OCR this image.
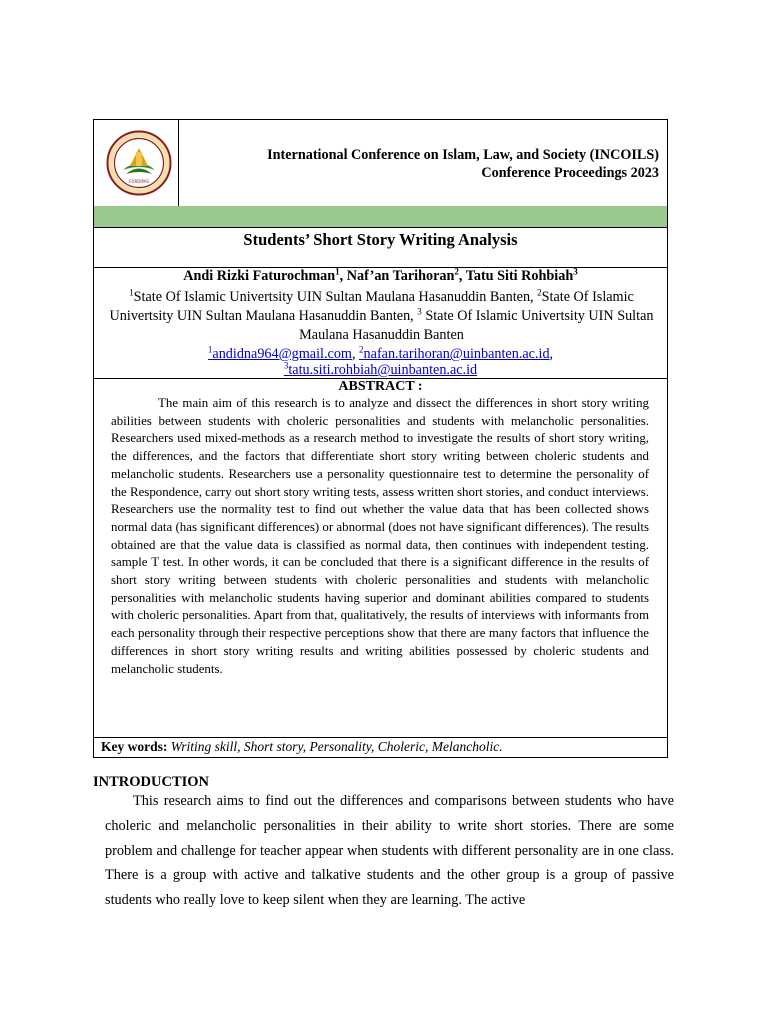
FORDIPAS
International Conference on Islam, Law, and Society (INCOILS)
Conference Proceedings 2023
Students’ Short Story Writing Analysis
Andi Rizki Faturochman$^1$, Naf’an Tarihoran$^2$, Tatu Siti Rohbiah$^3$
$^1$State Of Islamic Univertsity UIN Sultan Maulana Hasanuddin Banten, $^2$State Of Islamic Univertsity UIN Sultan Maulana Hasanuddin Banten, $^3$ State Of Islamic Univertsity UIN Sultan Maulana Hasanuddin Banten
$^1$andidna964@gmail.com, $^2$nafan.tarihoran@uinbanten.ac.id,
$^3$tatu.siti.rohbiah@uinbanten.ac.id
ABSTRACT :
The main aim of this research is to analyze and dissect the differences in short story writing abilities between students with choleric personalities and students with melancholic personalities. Researchers used mixed-methods as a research method to investigate the results of short story writing, the differences, and the factors that differentiate short story writing between choleric students and melancholic students. Researchers use a personality questionnaire test to determine the personality of the Respondence, carry out short story writing tests, assess written short stories, and conduct interviews. Researchers use the normality test to find out whether the value data that has been collected shows normal data (has significant differences) or abnormal (does not have significant differences). The results obtained are that the value data is classified as normal data, then continues with independent testing. sample T test. In other words, it can be concluded that there is a significant difference in the results of short story writing between students with choleric personalities and students with melancholic personalities with melancholic students having superior and dominant abilities compared to students with choleric personalities. Apart from that, qualitatively, the results of interviews with informants from each personality through their respective perceptions show that there are many factors that influence the differences in short story writing results and writing abilities possessed by choleric students and melancholic students.
Key words: Writing skill, Short story, Personality, Choleric, Melancholic.
INTRODUCTION
This research aims to find out the differences and comparisons between students who have choleric and melancholic personalities in their ability to write short stories. There are some problem and challenge for teacher appear when students with different personality are in one class. There is a group with active and talkative students and the other group is a group of passive students who really love to keep silent when they are learning. The active
